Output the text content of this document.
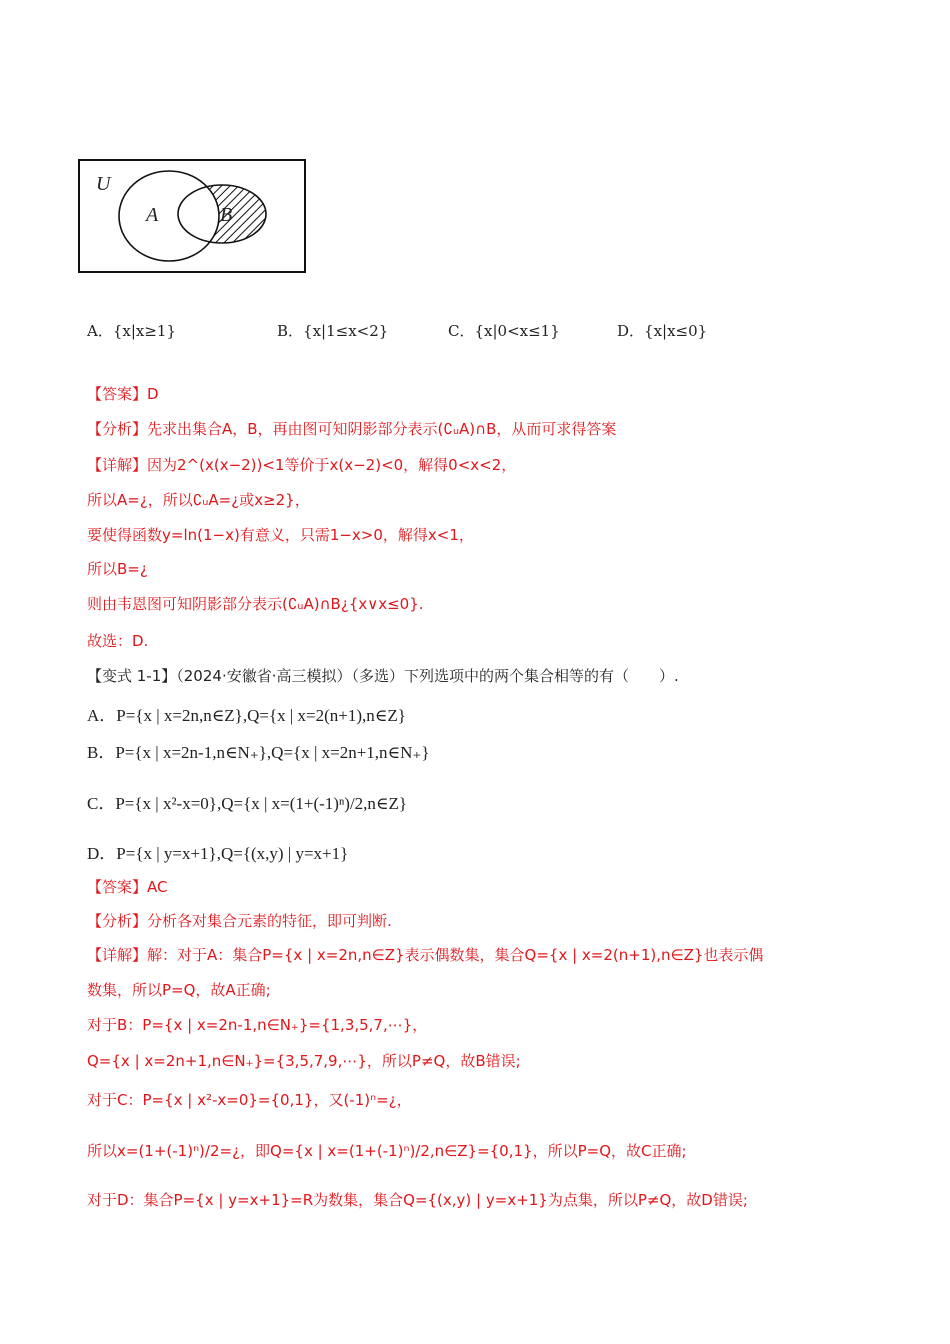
U
A	B
A．{x|x≥1}	B．{x|1≤x<2}	C．{x|0<x≤1}	D．{x|x≤0}
【答案】D
【分析】先求出集合A，B，再由图可知阴影部分表示(∁ᵤA)∩B，从而可求得答案
【详解】因为2^(x(x−2))<1等价于x(x−2)<0，解得0<x<2，
所以A=¿，所以∁ᵤA=¿或x≥2}，
要使得函数y=ln(1−x)有意义，只需1−x>0，解得x<1，
所以B=¿
则由韦恩图可知阴影部分表示(∁ᵤA)∩B¿{x∨x≤0}.
故选：D.
【变式 1-1】（2024·安徽省·高三模拟）（多选）下列选项中的两个集合相等的有（　　）.
A．P={x | x=2n,n∈Z},Q={x | x=2(n+1),n∈Z}
B．P={x | x=2n-1,n∈N₊},Q={x | x=2n+1,n∈N₊}
C．P={x | x²-x=0},Q={x | x=(1+(-1)ⁿ)/2,n∈Z}
D．P={x | y=x+1},Q={(x,y) | y=x+1}
【答案】AC
【分析】分析各对集合元素的特征，即可判断.
【详解】解：对于A：集合P={x | x=2n,n∈Z}表示偶数集，集合Q={x | x=2(n+1),n∈Z}也表示偶
数集，所以P=Q，故A正确;
对于B：P={x | x=2n-1,n∈N₊}={1,3,5,7,⋯}，
Q={x | x=2n+1,n∈N₊}={3,5,7,9,⋯}，所以P≠Q，故B错误;
对于C：P={x | x²-x=0}={0,1}，又(-1)ⁿ=¿，
所以x=(1+(-1)ⁿ)/2=¿，即Q={x | x=(1+(-1)ⁿ)/2,n∈Z}={0,1}，所以P=Q，故C正确;
对于D：集合P={x | y=x+1}=R为数集，集合Q={(x,y) | y=x+1}为点集，所以P≠Q，故D错误;
